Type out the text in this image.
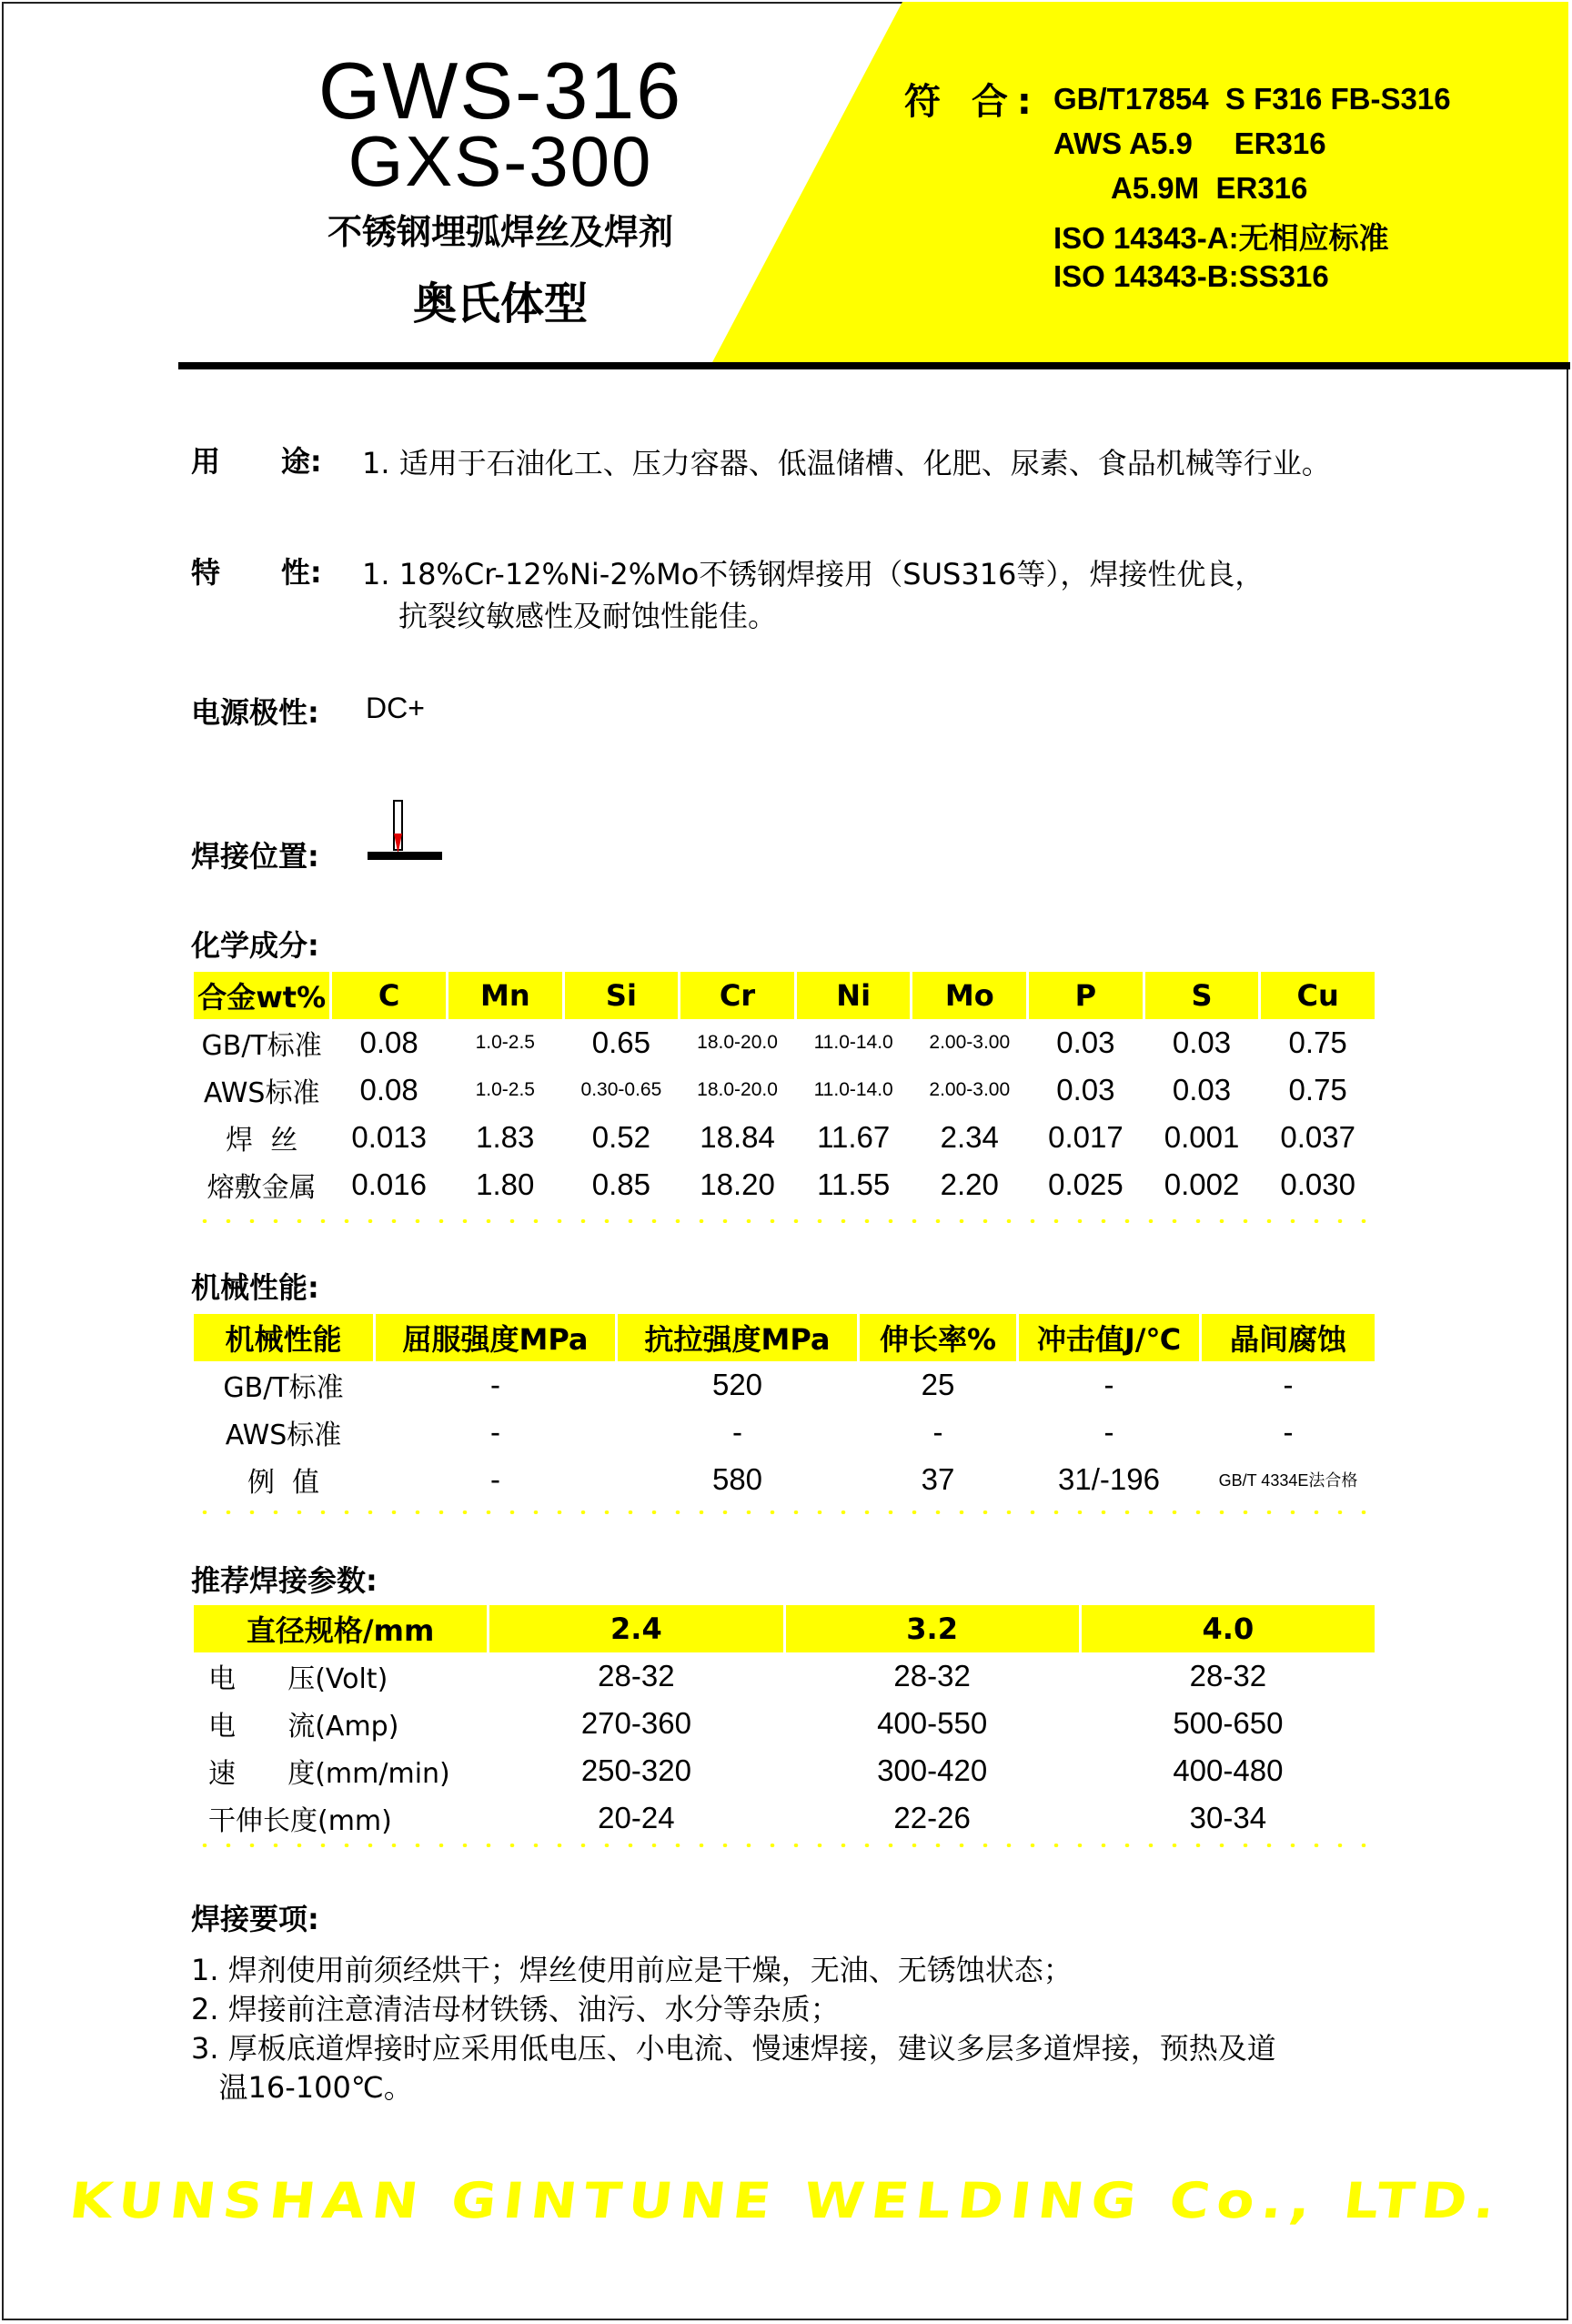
GWS-316
GXS-300
不锈钢埋弧焊丝及焊剂
奥氏体型
符 合: GB/T17854  S F316 FB-S316
AWS A5.9     ER316
A5.9M  ER316
ISO 14343-A:无相应标准
ISO 14343-B:SS316
用      途: 1. 适用于石油化工、压力容器、低温储槽、化肥、尿素、食品机械等行业。
特      性: 1. 18%Cr-12%Ni-2%Mo不锈钢焊接用（SUS316等），焊接性优良，
抗裂纹敏感性及耐蚀性能佳。
电源极性: DC+
焊接位置:
化学成分:
合金wt%	C	Mn	Si	Cr	Ni	Mo	P	S	Cu
GB/T标准	0.08	1.0-2.5	0.65	18.0-20.0	11.0-14.0	2.00-3.00	0.03	0.03	0.75
AWS标准	0.08	1.0-2.5	0.30-0.65	18.0-20.0	11.0-14.0	2.00-3.00	0.03	0.03	0.75
焊  丝	0.013	1.83	0.52	18.84	11.67	2.34	0.017	0.001	0.037
熔敷金属	0.016	1.80	0.85	18.20	11.55	2.20	0.025	0.002	0.030
机械性能:
机械性能	屈服强度MPa	抗拉强度MPa	伸长率%	冲击值J/℃	晶间腐蚀
GB/T标准	-	520	25	-	-
AWS标准	-	-	-	-	-
例  值	-	580	37	31/-196	GB/T 4334E法合格
推荐焊接参数:
直径规格/mm	2.4	3.2	4.0
电      压(Volt)	28-32	28-32	28-32
电      流(Amp)	270-360	400-550	500-650
速      度(mm/min)	250-320	300-420	400-480
干伸长度(mm)	20-24	22-26	30-34
焊接要项:
1. 焊剂使用前须经烘干；焊丝使用前应是干燥，无油、无锈蚀状态；
2. 焊接前注意清洁母材铁锈、油污、水分等杂质；
3. 厚板底道焊接时应采用低电压、小电流、慢速焊接，建议多层多道焊接，预热及道
温16-100℃。
KUNSHAN GINTUNE WELDING Co., LTD.
